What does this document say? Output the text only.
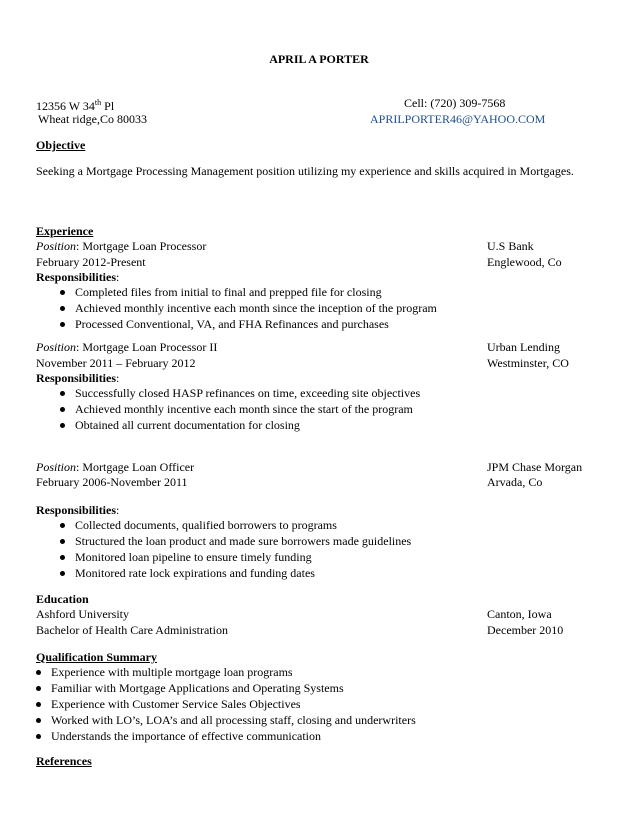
APRIL A PORTER
12356 W 34th Pl
Wheat ridge,Co 80033
Cell: (720) 309-7568
APRILPORTER46@YAHOO.COM
Objective
Seeking a Mortgage Processing Management position utilizing my experience and skills acquired in Mortgages.
Experience
Position: Mortgage Loan Processor	U.S Bank
February 2012-Present	Englewood, Co
Responsibilities:
Completed files from initial to final and prepped file for closing
Achieved monthly incentive each month since the inception of the program
Processed Conventional, VA, and FHA Refinances and purchases
Position: Mortgage Loan Processor II	Urban Lending
November 2011 – February 2012	Westminster, CO
Responsibilities:
Successfully closed HASP refinances on time, exceeding site objectives
Achieved monthly incentive each month since the start of the program
Obtained all current documentation for closing
Position: Mortgage Loan Officer	JPM Chase Morgan
February 2006-November 2011	Arvada, Co
Responsibilities:
Collected documents, qualified borrowers to programs
Structured the loan product and made sure borrowers made guidelines
Monitored loan pipeline to ensure timely funding
Monitored rate lock expirations and funding dates
Education
Ashford University	Canton, Iowa
Bachelor of Health Care Administration	December 2010
Qualification Summary
Experience with multiple mortgage loan programs
Familiar with Mortgage Applications and Operating Systems
Experience with Customer Service Sales Objectives
Worked with LO’s, LOA’s and all processing staff, closing and underwriters
Understands the importance of effective communication
References
